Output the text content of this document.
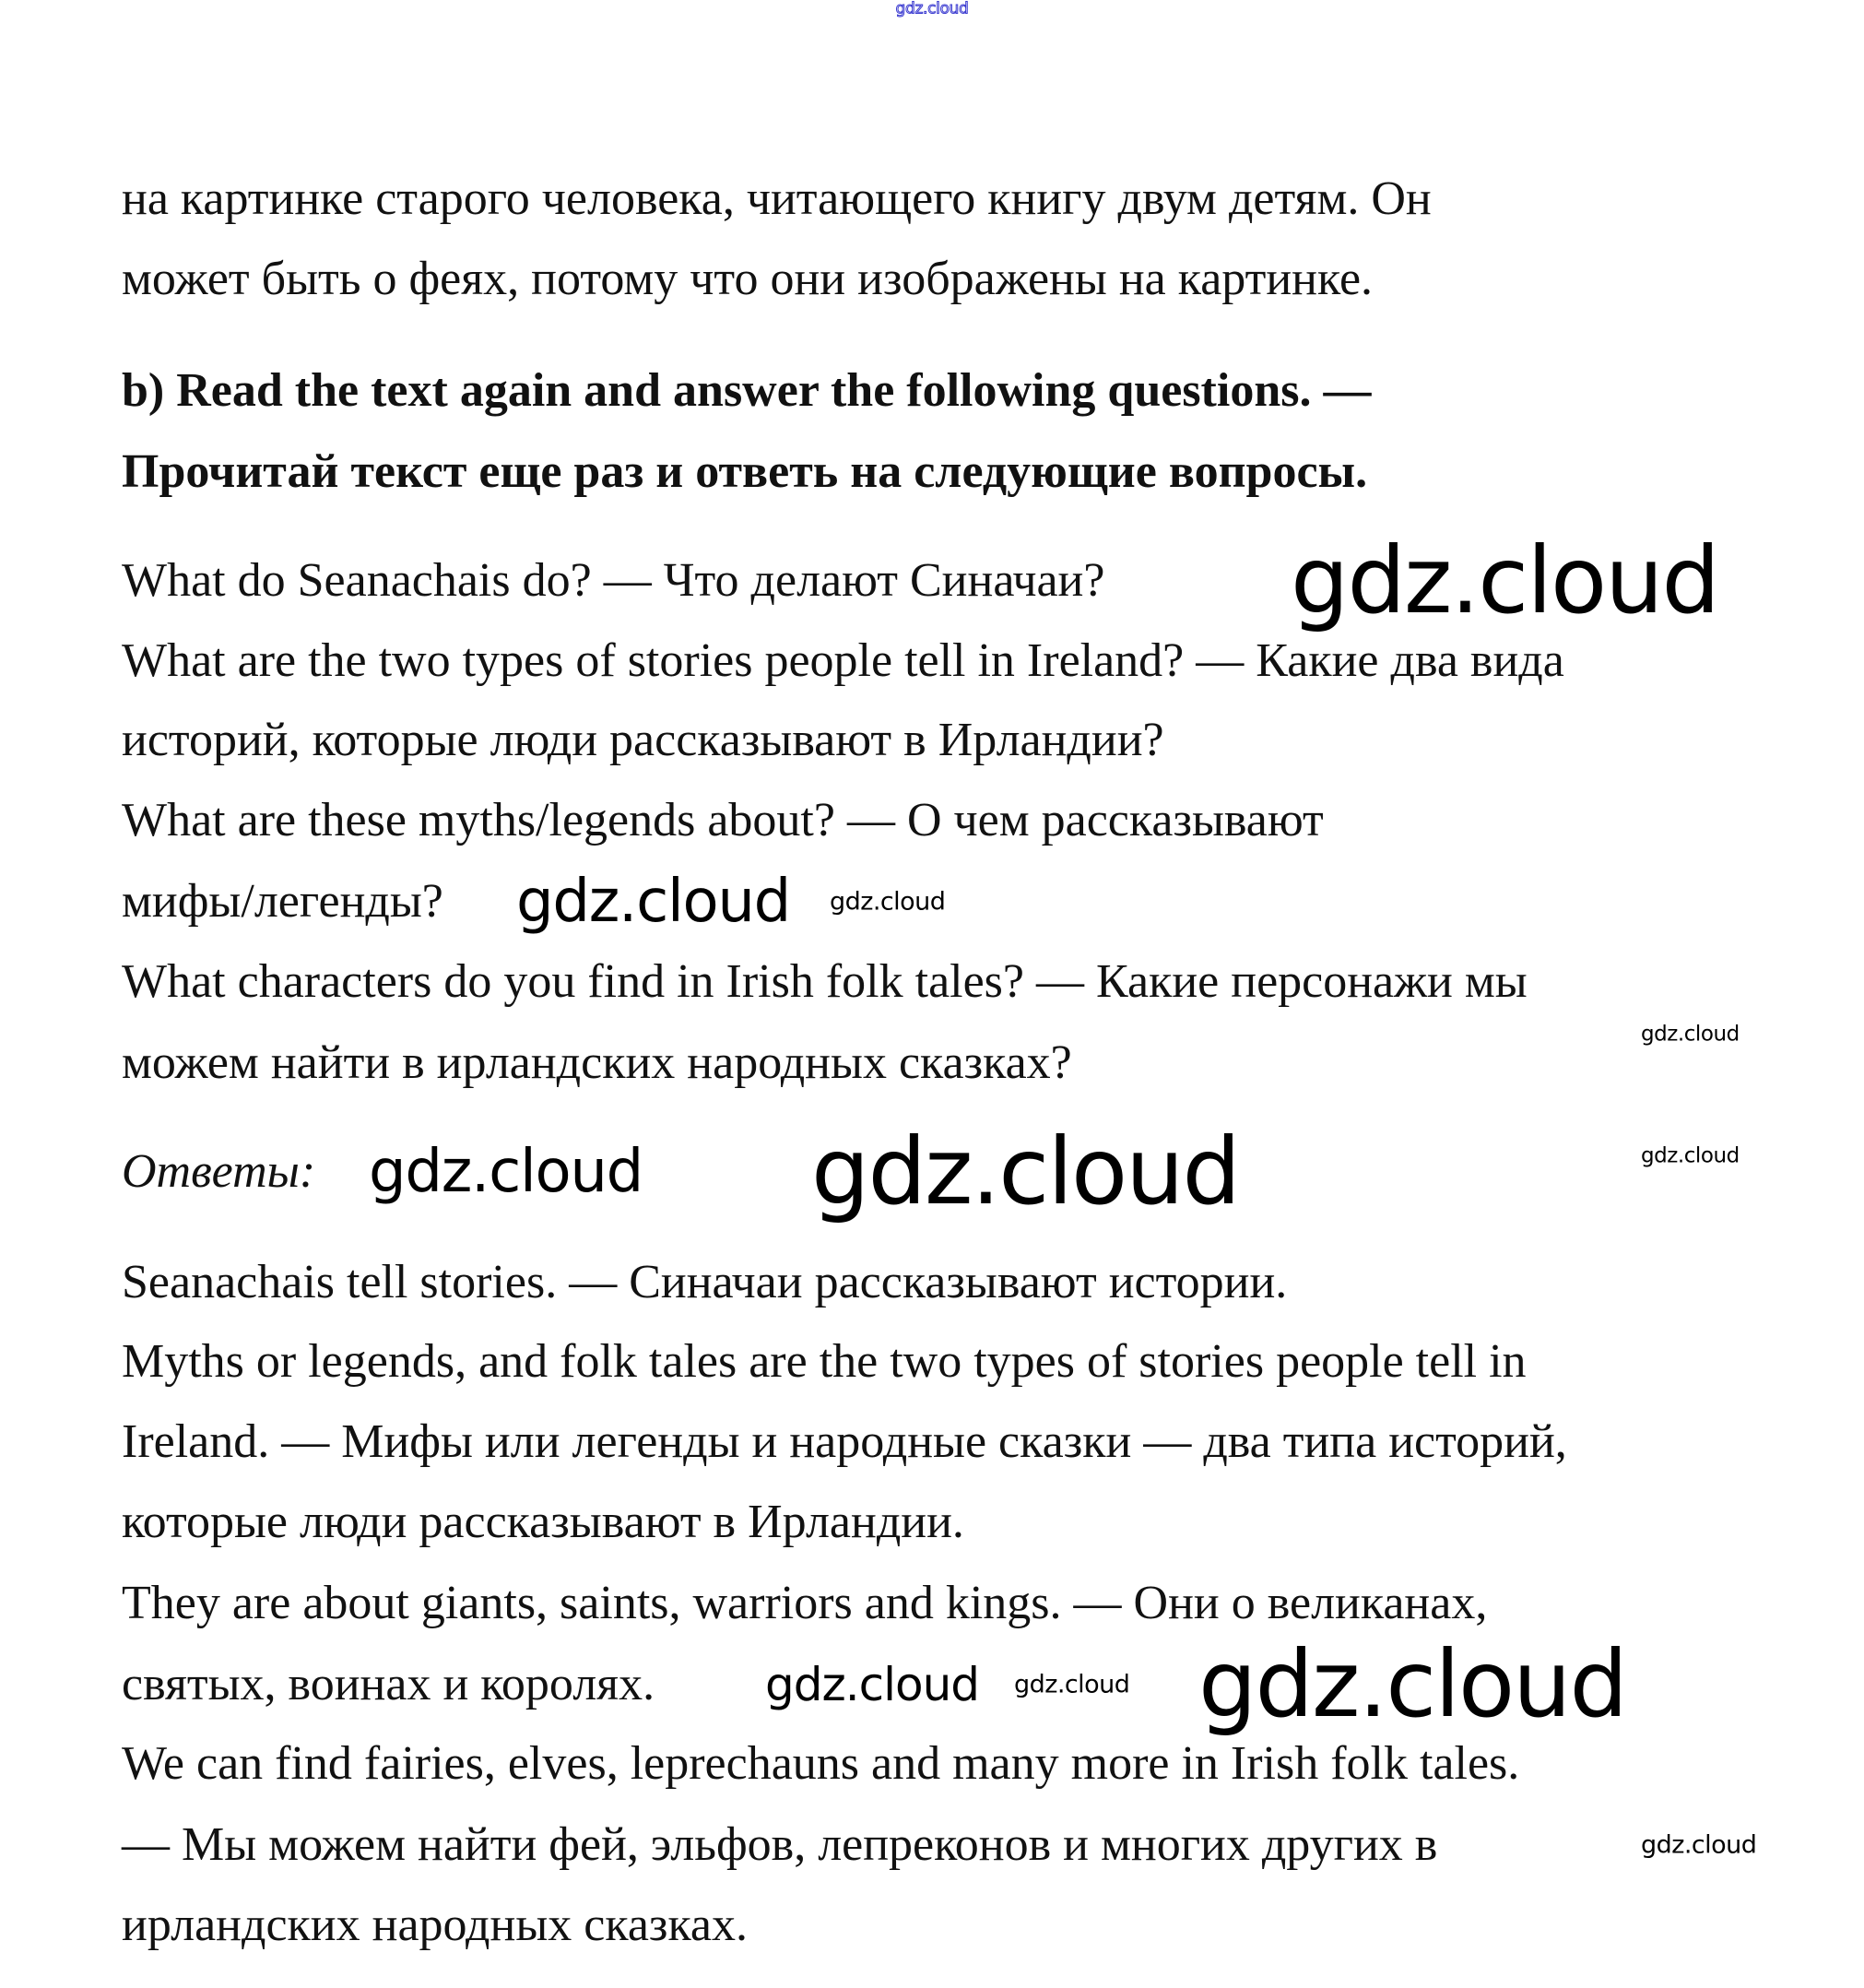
gdz.cloud
на картинке старого человека, читающего книгу двум детям. Он
может быть о феях, потому что они изображены на картинке.
b) Read the text again and answer the following questions. —
Прочитай текст еще раз и ответь на следующие вопросы.
What do Seanachais do? — Что делают Синачаи?
What are the two types of stories people tell in Ireland? — Какие два вида
историй, которые люди рассказывают в Ирландии?
What are these myths/legends about? — О чем рассказывают
мифы/легенды?
What characters do you find in Irish folk tales? — Какие персонажи мы
можем найти в ирландских народных сказках?
Ответы:
Seanachais tell stories. — Синачаи рассказывают истории.
Myths or legends, and folk tales are the two types of stories people tell in
Ireland. — Мифы или легенды и народные сказки — два типа историй,
которые люди рассказывают в Ирландии.
They are about giants, saints, warriors and kings. — Они о великанах,
святых, воинах и королях.
We can find fairies, elves, leprechauns and many more in Irish folk tales.
— Мы можем найти фей, эльфов, лепреконов и многих других в
ирландских народных сказках.
gdz.cloud
gdz.cloud gdz.cloud
gdz.cloud
gdz.cloud	gdz.cloud
gdz.cloud
gdz.cloud gdz.cloud gdz.cloud
gdz.cloud
